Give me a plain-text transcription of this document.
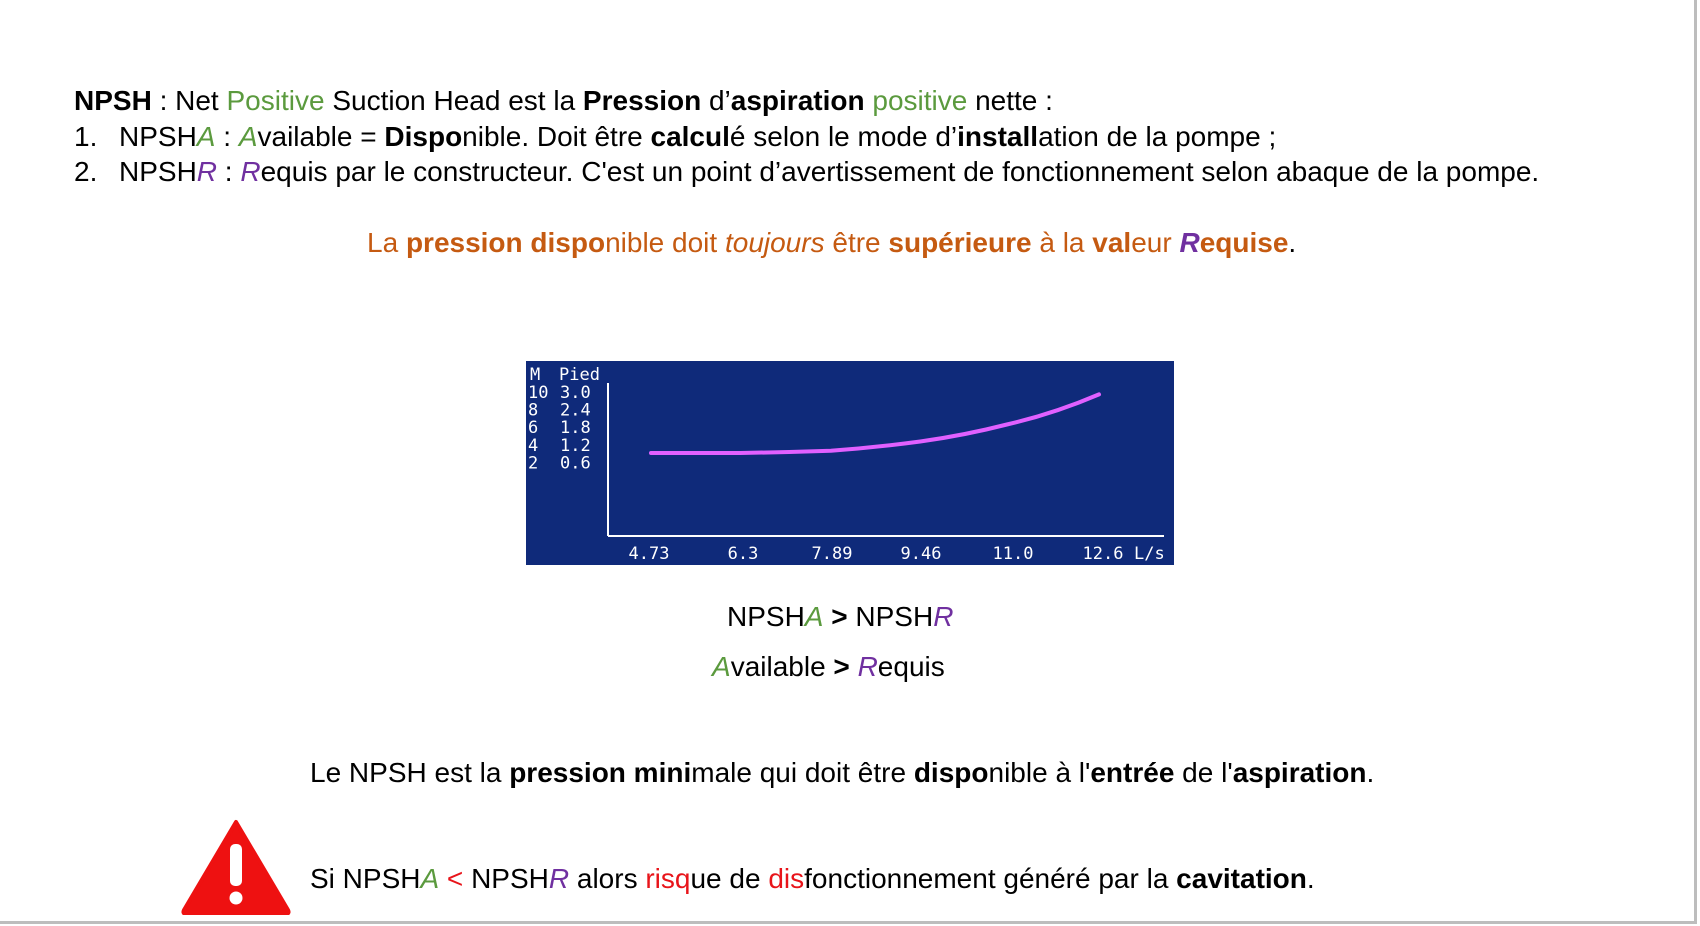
NPSH : Net Positive Suction Head est la Pression d’aspiration positive nette :
1. NPSHA : Available = Disponible. Doit être calculé selon le mode d’installation de la pompe ;
2. NPSHR : Requis par le constructeur. C'est un point d’avertissement de fonctionnement selon abaque de la pompe.
La pression disponible doit toujours être supérieure à la valeur Requise.
M Pied
10
8
6
4
2
3.0
2.4
1.8
1.2
0.6
4.73	6.3	7.89	9.46	11.0	12.6 L/s
NPSHA > NPSHR
Available > Requis
Le NPSH est la pression minimale qui doit être disponible à l'entrée de l'aspiration.
Si NPSHA < NPSHR alors risque de disfonctionnement généré par la cavitation.
